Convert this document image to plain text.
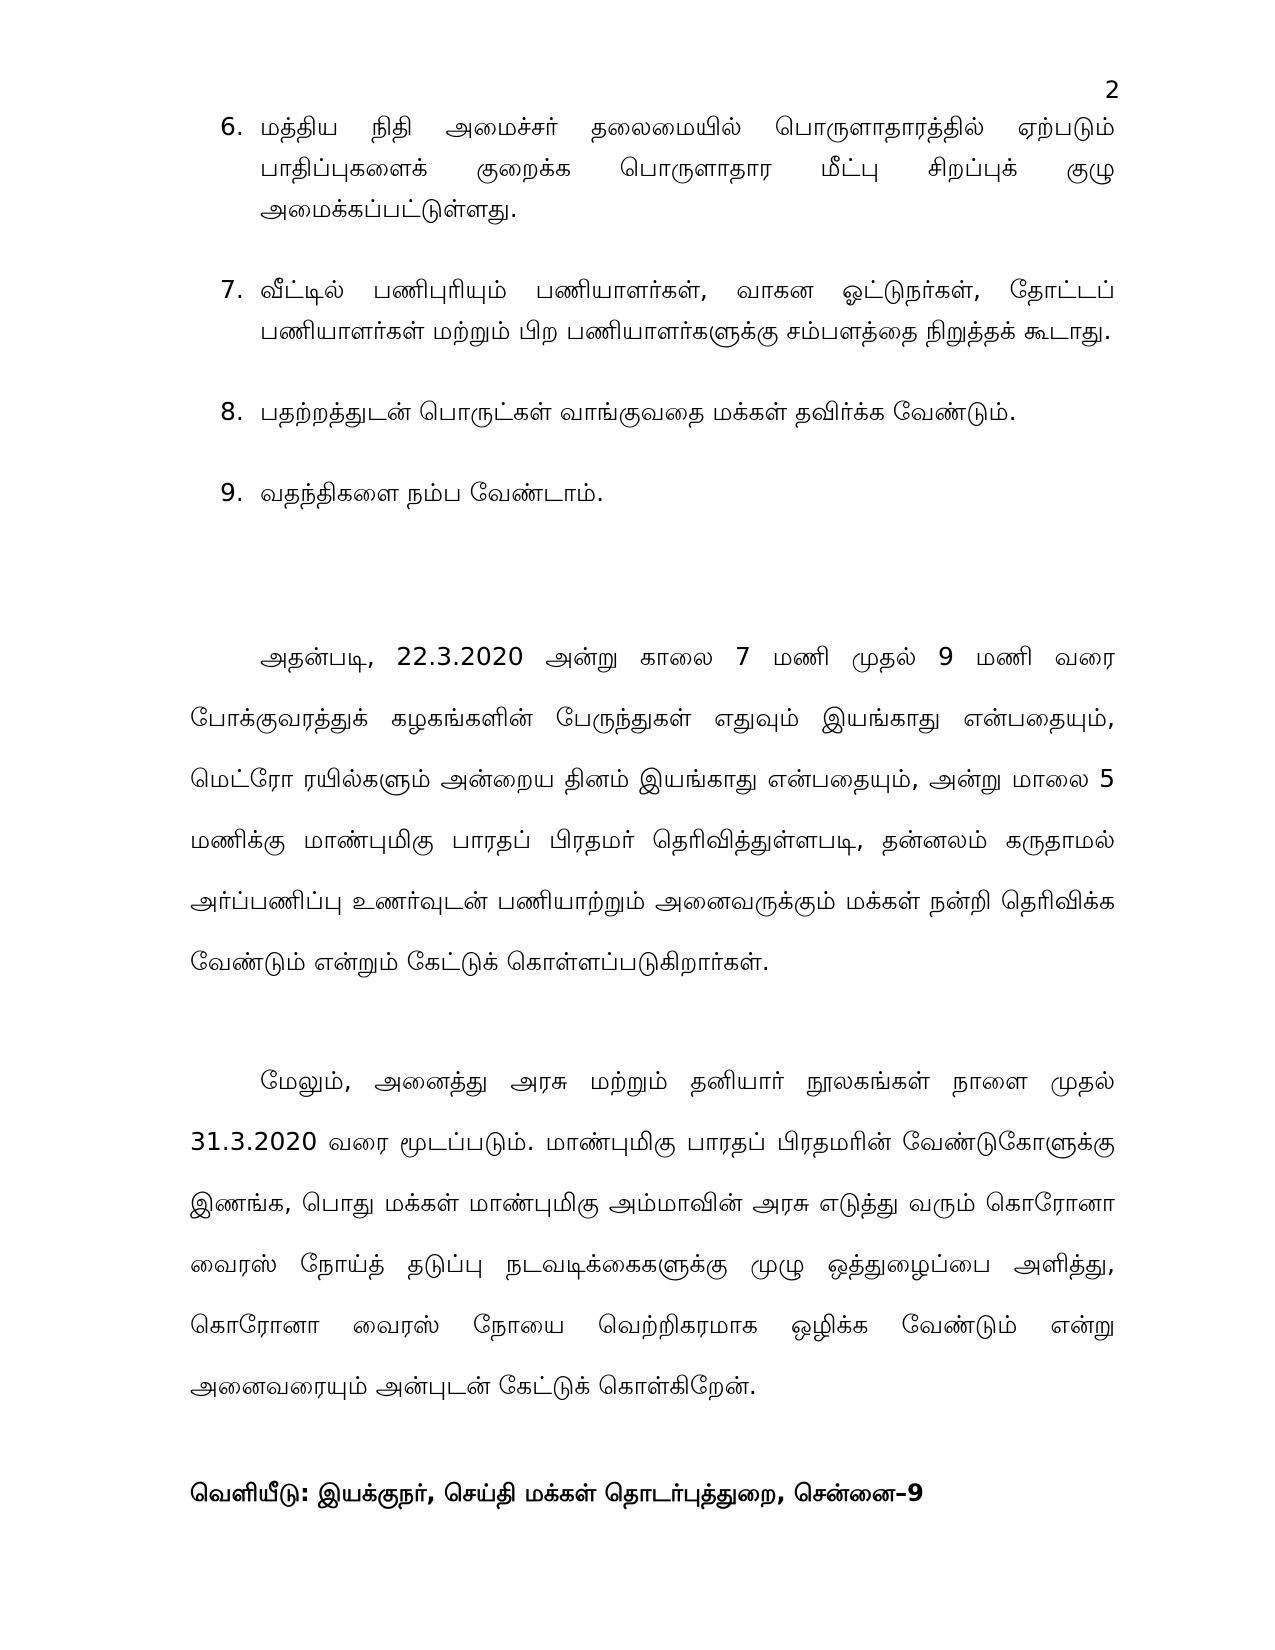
2
6. மத்திய நிதி அமைச்சர் தலைமையில் பொருளாதாரத்தில் ஏற்படும் பாதிப்புகளைக் குறைக்க பொருளாதார மீட்பு சிறப்புக் குழு அமைக்கப்பட்டுள்ளது.
7. வீட்டில் பணிபுரியும் பணியாளர்கள், வாகன ஓட்டுநர்கள், தோட்டப் பணியாளர்கள் மற்றும் பிற பணியாளர்களுக்கு சம்பளத்தை நிறுத்தக் கூடாது.
8. பதற்றத்துடன் பொருட்கள் வாங்குவதை மக்கள் தவிர்க்க வேண்டும்.
9. வதந்திகளை நம்ப வேண்டாம்.

அதன்படி, 22.3.2020 அன்று காலை 7 மணி முதல் 9 மணி வரை போக்குவரத்துக் கழகங்களின் பேருந்துகள் எதுவும் இயங்காது என்பதையும், மெட்ரோ ரயில்களும் அன்றைய தினம் இயங்காது என்பதையும், அன்று மாலை 5 மணிக்கு மாண்புமிகு பாரதப் பிரதமர் தெரிவித்துள்ளபடி, தன்னலம் கருதாமல் அர்ப்பணிப்பு உணர்வுடன் பணியாற்றும் அனைவருக்கும் மக்கள் நன்றி தெரிவிக்க வேண்டும் என்றும் கேட்டுக் கொள்ளப்படுகிறார்கள்.

மேலும், அனைத்து அரசு மற்றும் தனியார் நூலகங்கள் நாளை முதல் 31.3.2020 வரை மூடப்படும். மாண்புமிகு பாரதப் பிரதமரின் வேண்டுகோளுக்கு இணங்க, பொது மக்கள் மாண்புமிகு அம்மாவின் அரசு எடுத்து வரும் கொரோனா வைரஸ் நோய்த் தடுப்பு நடவடிக்கைகளுக்கு முழு ஒத்துழைப்பை அளித்து, கொரோனா வைரஸ் நோயை வெற்றிகரமாக ஒழிக்க வேண்டும் என்று அனைவரையும் அன்புடன் கேட்டுக் கொள்கிறேன்.

வெளியீடு: இயக்குநர், செய்தி மக்கள் தொடர்புத்துறை, சென்னை–9
